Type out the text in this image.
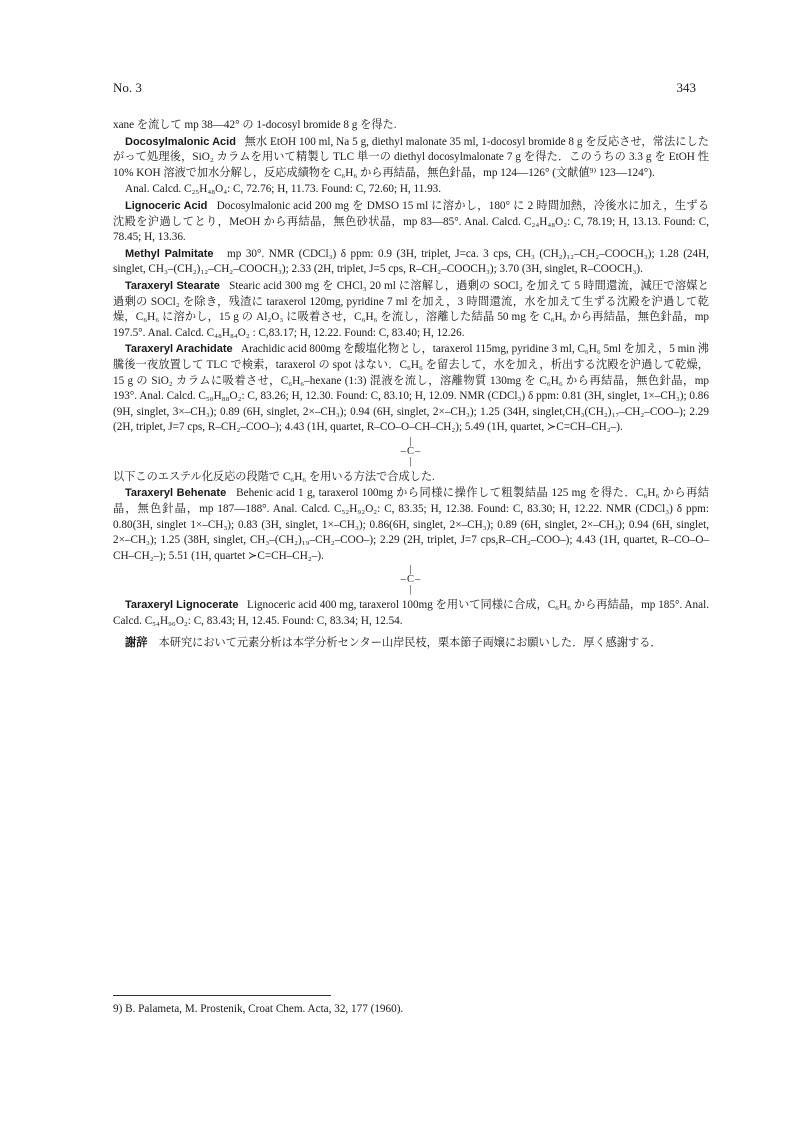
No. 3	343

xane を流して mp 38—42° の 1-docosyl bromide 8 g を得た.

Docosylmalonic Acid 無水 EtOH 100 ml, Na 5 g, diethyl malonate 35 ml, 1-docosyl bromide 8 g を反応させ，常法にしたがって処理後，SiO₂ カラムを用いて精製し TLC 単一の diethyl docosylmalonate 7 g を得た．このうちの 3.3 g を EtOH 性 10% KOH 溶液で加水分解し，反応成績物を C₆H₆ から再結晶，無色針晶，mp 124—126° (文献値⁹⁾ 123—124°).

Anal. Calcd. C₂₅H₄₈O₄: C, 72.76; H, 11.73. Found: C, 72.60; H, 11.93.

Lignoceric Acid Docosylmalonic acid 200 mg を DMSO 15 ml に溶かし，180° に 2 時間加熱，冷後水に加え，生ずる沈殿を沪過してとり，MeOH から再結晶，無色砂状晶，mp 83—85°. Anal. Calcd. C₂₄H₄₈O₂: C, 78.19; H, 13.13. Found: C, 78.45; H, 13.36.

Methyl Palmitate mp 30°. NMR (CDCl₃) δ ppm: 0.9 (3H, triplet, J=ca. 3 cps, CH₃ (CH₂)₁₂–CH₂–COOCH₃); 1.28 (24H, singlet, CH₃–(CH₂)₁₂–CH₂–COOCH₃); 2.33 (2H, triplet, J=5 cps, R–CH₂–COOCH₃); 3.70 (3H, singlet, R–COOCH₃).

Taraxeryl Stearate Stearic acid 300 mg を CHCl₃ 20 ml に溶解し，過剰の SOCl₂ を加えて 5 時間還流，減圧で溶媒と過剰の SOCl₂ を除き，残渣に taraxerol 120mg, pyridine 7 ml を加え，3 時間還流，水を加えて生ずる沈殿を沪過して乾燥，C₆H₆ に溶かし，15 g の Al₂O₃ に吸着させ，C₆H₆ を流し，溶離した結晶 50 mg を C₆H₆ から再結晶，無色針晶，mp 197.5°. Anal. Calcd. C₄₈H₈₄O₂ : C,83.17; H, 12.22. Found: C, 83.40; H, 12.26.

Taraxeryl Arachidate Arachidic acid 800mg を酸塩化物とし，taraxerol 115mg, pyridine 3 ml, C₆H₆ 5ml を加え，5 min 沸騰後一夜放置して TLC で検索，taraxerol の spot はない．C₆H₆ を留去して，水を加え，析出する沈殿を沪過して乾燥，15 g の SiO₂ カラムに吸着させ，C₆H₆–hexane (1:3) 混液を流し，溶離物質 130mg を C₆H₆ から再結晶，無色針晶，mp 193°. Anal. Calcd. C₅₀H₈₈O₂: C, 83.26; H, 12.30. Found: C, 83.10; H, 12.09. NMR (CDCl₃) δ ppm: 0.81 (3H, singlet, 1×–CH₃); 0.86 (9H, singlet, 3×–CH₃); 0.89 (6H, singlet, 2×–CH₃); 0.94 (6H, singlet, 2×–CH₃); 1.25 (34H, singlet,CH₃(CH₂)₁₇–CH₂–COO–); 2.29 (2H, triplet, J=7 cps, R–CH₂–COO–); 4.43 (1H, quartet, R–CO–O–CH–CH₂); 5.49 (1H, quartet, ≻C=CH–CH₂–).

|
–C–
|

以下このエステル化反応の段階で C₆H₆ を用いる方法で合成した.

Taraxeryl Behenate Behenic acid 1 g, taraxerol 100mg から同様に操作して粗製結晶 125 mg を得た．C₆H₆ から再結晶，無色針晶，mp 187—188°. Anal. Calcd. C₅₂H₉₂O₂: C, 83.35; H, 12.38. Found: C, 83.30; H, 12.22. NMR (CDCl₃) δ ppm: 0.80(3H, singlet 1×–CH₃); 0.83 (3H, singlet, 1×–CH₃); 0.86(6H, singlet, 2×–CH₃); 0.89 (6H, singlet, 2×–CH₃); 0.94 (6H, singlet, 2×–CH₃); 1.25 (38H, singlet, CH₃–(CH₂)₁₉–CH₂–COO–); 2.29 (2H, triplet, J=7 cps,R–CH₂–COO–); 4.43 (1H, quartet, R–CO–O–CH–CH₂–); 5.51 (1H, quartet ≻C=CH–CH₂–).

|
–C–
|

Taraxeryl Lignocerate Lignoceric acid 400 mg, taraxerol 100mg を用いて同様に合成，C₆H₆ から再結晶，mp 185°. Anal. Calcd. C₅₄H₉₆O₂: C, 83.43; H, 12.45. Found: C, 83.34; H, 12.54.

謝辞 本研究において元素分析は本学分析センター山岸民枝，栗本節子両嬢にお願いした．厚く感謝する．

9) B. Palameta, M. Prostenik, Croat Chem. Acta, 32, 177 (1960).
